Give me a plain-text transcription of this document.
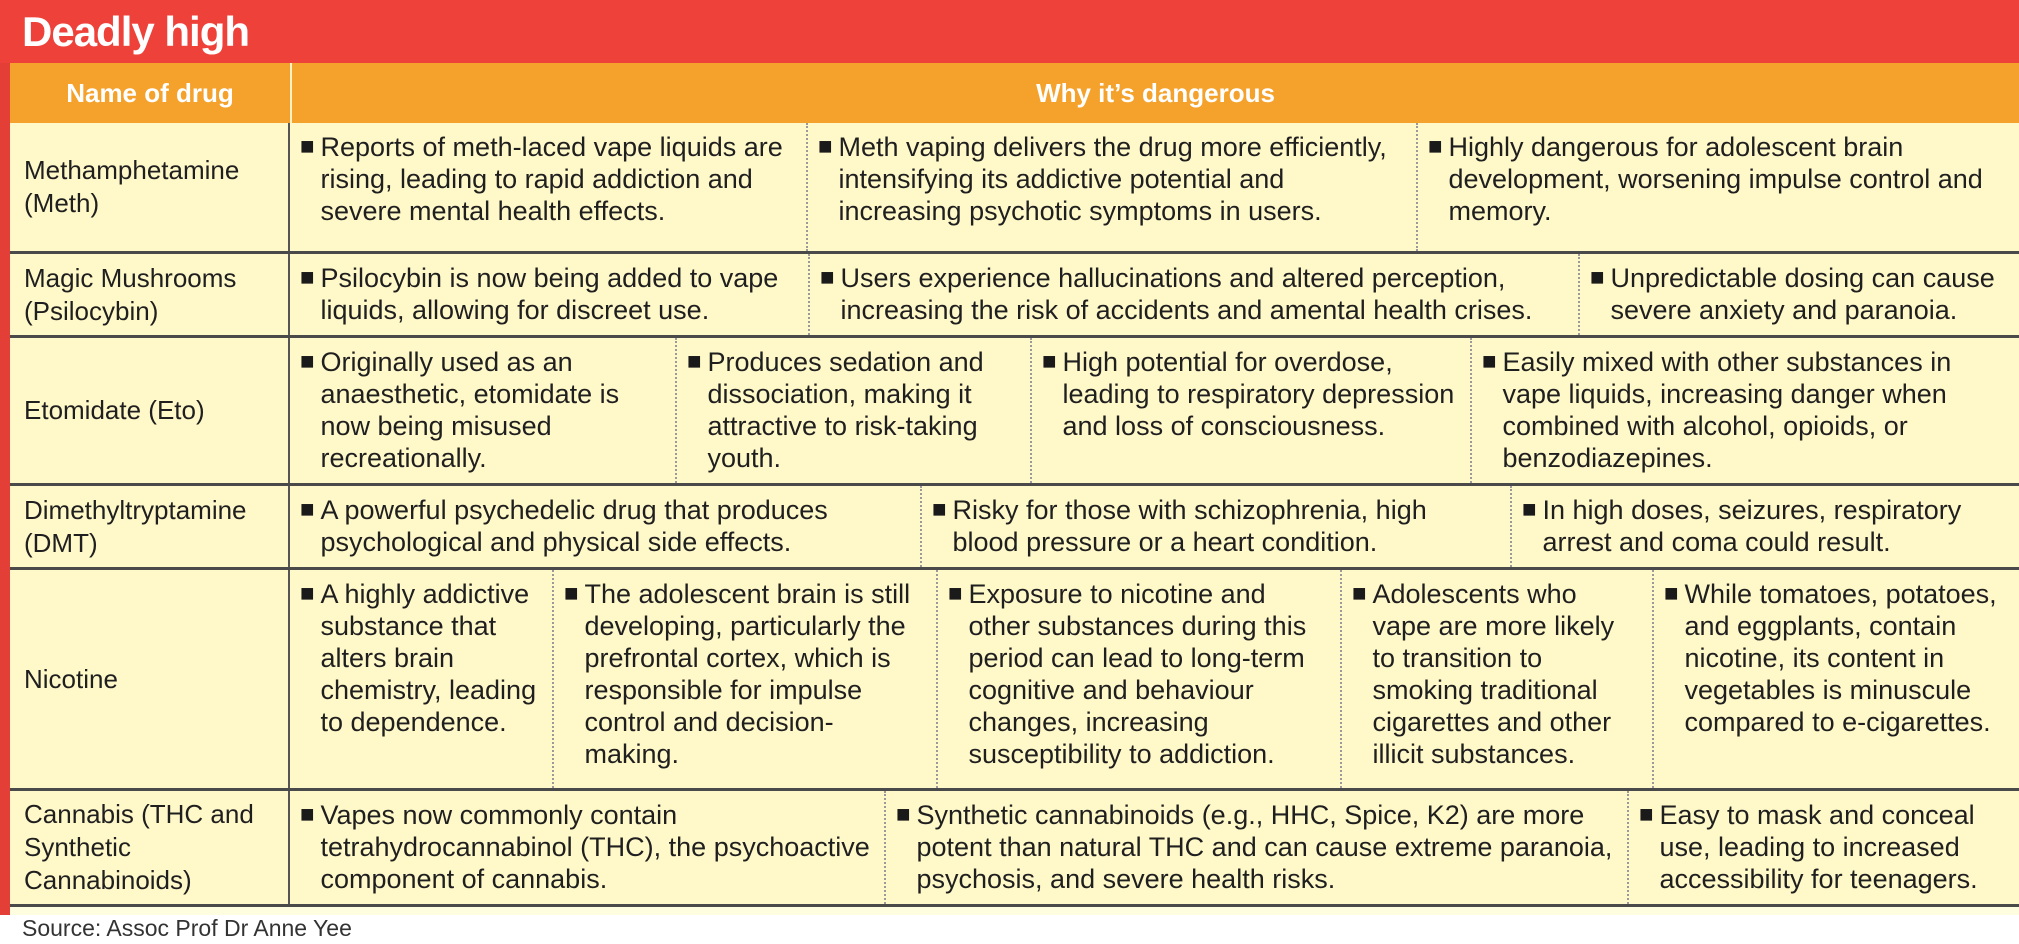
Deadly high
Name of drug	Why it’s dangerous
Methamphetamine (Meth)
■ Reports of meth-laced vape liquids are rising, leading to rapid addiction and severe mental health effects.
■ Meth vaping delivers the drug more efficiently, intensifying its addictive potential and increasing psychotic symptoms in users.
■ Highly dangerous for adolescent brain development, worsening impulse control and memory.
Magic Mushrooms (Psilocybin)
■ Psilocybin is now being added to vape liquids, allowing for discreet use.
■ Users experience hallucinations and altered perception, increasing the risk of accidents and amental health crises.
■ Unpredictable dosing can cause severe anxiety and paranoia.
Etomidate (Eto)
■ Originally used as an anaesthetic, etomidate is now being misused recreationally.
■ Produces sedation and dissociation, making it attractive to risk-taking youth.
■ High potential for overdose, leading to respiratory depression and loss of consciousness.
■ Easily mixed with other substances in vape liquids, increasing danger when combined with alcohol, opioids, or benzodiazepines.
Dimethyltryptamine (DMT)
■ A powerful psychedelic drug that produces psychological and physical side effects.
■ Risky for those with schizophrenia, high blood pressure or a heart condition.
■ In high doses, seizures, respiratory arrest and coma could result.
Nicotine
■ A highly addictive substance that alters brain chemistry, leading to dependence.
■ The adolescent brain is still developing, particularly the prefrontal cortex, which is responsible for impulse control and decision-making.
■ Exposure to nicotine and other substances during this period can lead to long-term cognitive and behaviour changes, increasing susceptibility to addiction.
■ Adolescents who vape are more likely to transition to smoking traditional cigarettes and other illicit substances.
■ While tomatoes, potatoes, and eggplants, contain nicotine, its content in vegetables is minuscule compared to e-cigarettes.
Cannabis (THC and Synthetic Cannabinoids)
■ Vapes now commonly contain tetrahydrocannabinol (THC), the psychoactive component of cannabis.
■ Synthetic cannabinoids (e.g., HHC, Spice, K2) are more potent than natural THC and can cause extreme paranoia, psychosis, and severe health risks.
■ Easy to mask and conceal use, leading to increased accessibility for teenagers.
Source: Assoc Prof Dr Anne Yee
